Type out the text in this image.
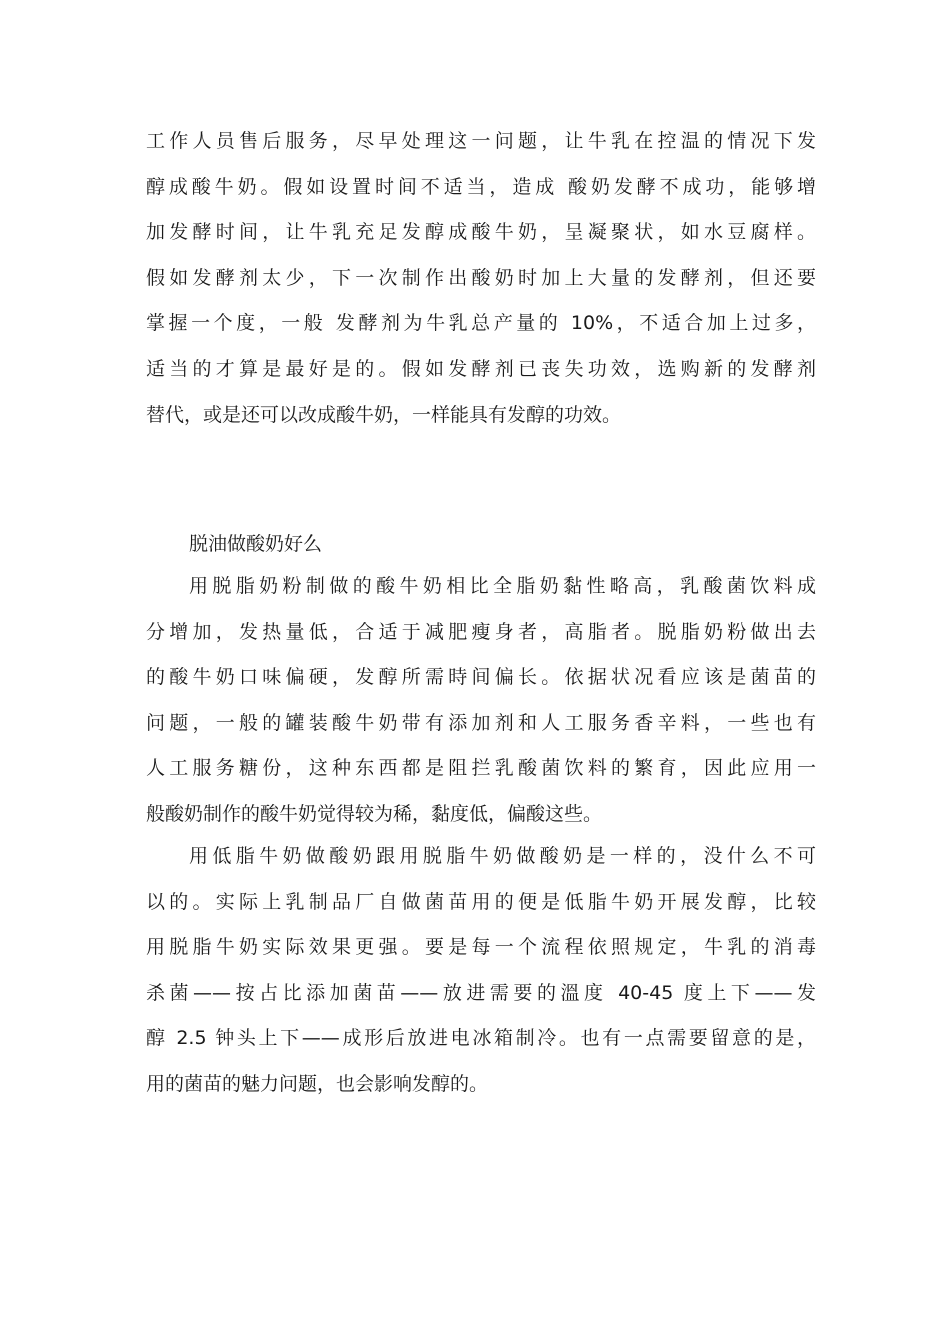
工作人员售后服务，尽早处理这一问题，让牛乳在控温的情况下发
醇成酸牛奶。假如设置时间不适当，造成 酸奶发酵不成功，能够增
加发酵时间，让牛乳充足发醇成酸牛奶，呈凝聚状，如水豆腐样。
假如发酵剂太少，下一次制作出酸奶时加上大量的发酵剂，但还要
掌握一个度，一般 发酵剂为牛乳总产量的 10%，不适合加上过多，
适当的才算是最好是的。假如发酵剂已丧失功效，选购新的发酵剂
替代，或是还可以改成酸牛奶，一样能具有发醇的功效。
脱油做酸奶好么
用脱脂奶粉制做的酸牛奶相比全脂奶黏性略高，乳酸菌饮料成
分增加，发热量低，合适于减肥瘦身者，高脂者。脱脂奶粉做出去
的酸牛奶口味偏硬，发醇所需時间偏长。依据状况看应该是菌苗的
问题，一般的罐装酸牛奶带有添加剂和人工服务香辛料，一些也有
人工服务糖份，这种东西都是阻拦乳酸菌饮料的繁育，因此应用一
般酸奶制作的酸牛奶觉得较为稀，黏度低，偏酸这些。
用低脂牛奶做酸奶跟用脱脂牛奶做酸奶是一样的，没什么不可
以的。实际上乳制品厂自做菌苗用的便是低脂牛奶开展发醇，比较
用脱脂牛奶实际效果更强。要是每一个流程依照规定，牛乳的消毒
杀菌——按占比添加菌苗——放进需要的溫度 40-45 度上下——发
醇 2.5 钟头上下——成形后放进电冰箱制冷。也有一点需要留意的是，
用的菌苗的魅力问题，也会影响发醇的。
